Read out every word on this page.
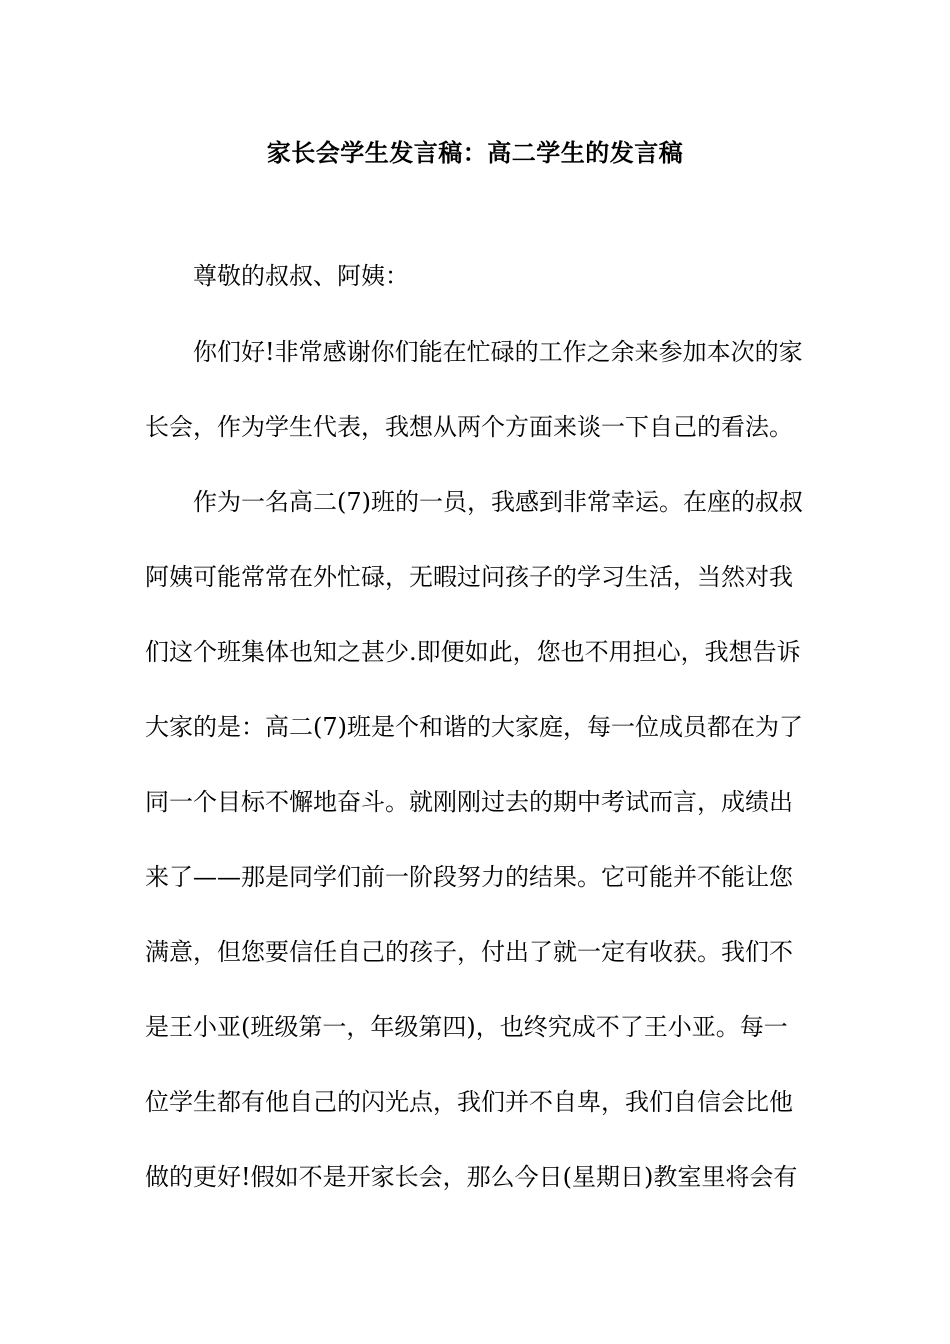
家长会学生发言稿：高二学生的发言稿
尊敬的叔叔、阿姨：
你们好!非常感谢你们能在忙碌的工作之余来参加本次的家
长会，作为学生代表，我想从两个方面来谈一下自己的看法。
作为一名高二(7)班的一员，我感到非常幸运。在座的叔叔
阿姨可能常常在外忙碌，无暇过问孩子的学习生活，当然对我
们这个班集体也知之甚少.即便如此，您也不用担心，我想告诉
大家的是：高二(7)班是个和谐的大家庭，每一位成员都在为了
同一个目标不懈地奋斗。就刚刚过去的期中考试而言，成绩出
来了——那是同学们前一阶段努力的结果。它可能并不能让您
满意，但您要信任自己的孩子，付出了就一定有收获。我们不
是王小亚(班级第一，年级第四)，也终究成不了王小亚。每一
位学生都有他自己的闪光点，我们并不自卑，我们自信会比他
做的更好!假如不是开家长会，那么今日(星期日)教室里将会有
